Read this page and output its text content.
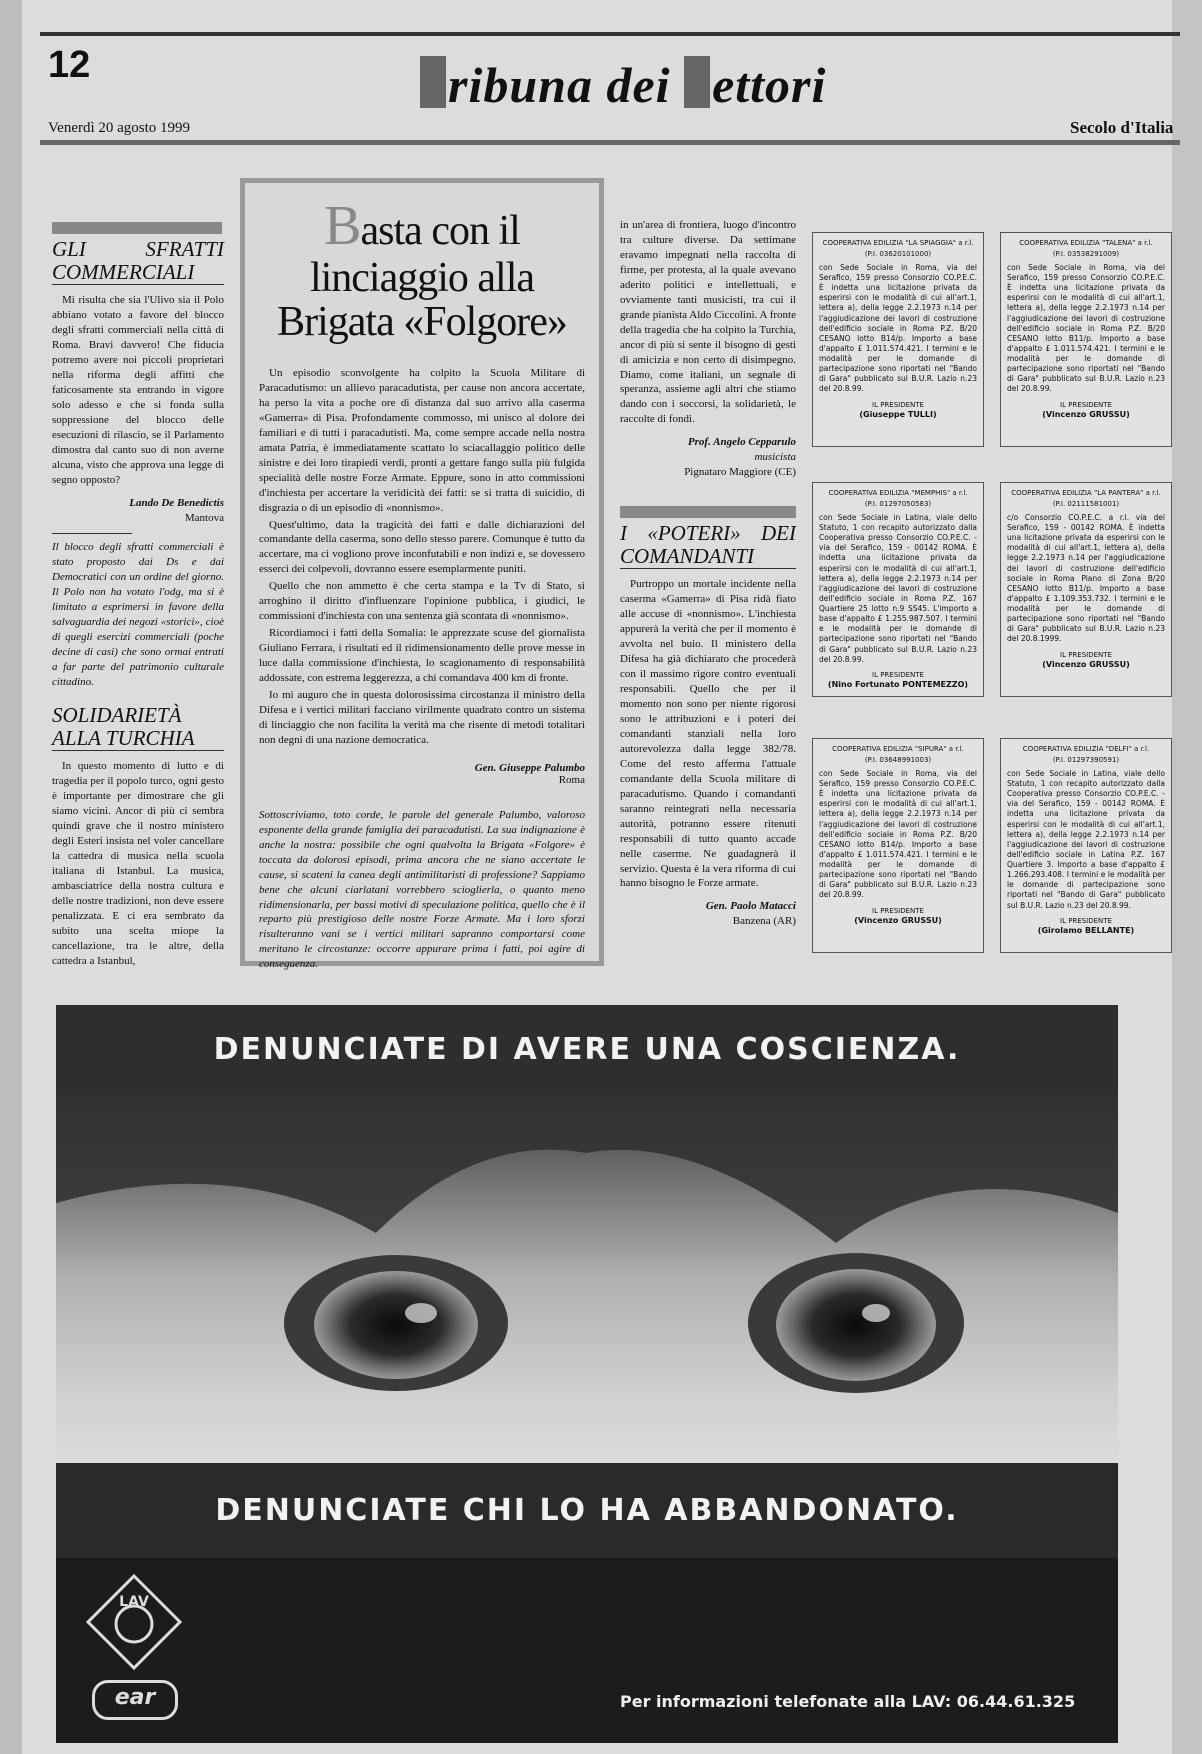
12	ribuna dei ettori
Venerdì 20 agosto 1999	Secolo d'Italia
GLI SFRATTI COMMERCIALI

Mi risulta che sia l'Ulivo sia il Polo abbiano votato a favore del blocco degli sfratti commerciali nella città di Roma. Bravi davvero! Che fiducia potremo avere noi piccoli proprietari nella riforma degli affitti che faticosamente sta entrando in vigore solo adesso e che si fonda sulla soppressione del blocco delle esecuzioni di rilascio, se il Parlamento dimostra dal canto suo di non averne alcuna, visto che approva una legge di segno opposto?

Lando De Benedictis
Mantova

Il blocco degli sfratti commerciali è stato proposto dai Ds e dai Democratici con un ordine del giorno. Il Polo non ha votato l'odg, ma si è limitato a esprimersi in favore della salvaguardia dei negozi «storici», cioè di quegli esercizi commerciali (poche decine di casi) che sono ormai entrati a far parte del patrimonio culturale cittadino.

SOLIDARIETÀ ALLA TURCHIA

In questo momento di lutto e di tragedia per il popolo turco, ogni gesto è importante per dimostrare che gli siamo vicini. Ancor di più ci sembra quindi grave che il nostro ministero degli Esteri insista nel voler cancellare la cattedra di musica nella scuola italiana di Istanbul. La musica, ambasciatrice della nostra cultura e delle nostre tradizioni, non deve essere penalizzata. E ci era sembrato da subito una scelta miope la cancellazione, tra le altre, della cattedra a Istanbul,

Basta con il linciaggio alla Brigata «Folgore»

Un episodio sconvolgente ha colpito la Scuola Militare di Paracadutismo: un allievo paracadutista, per cause non ancora accertate, ha perso la vita a poche ore di distanza dal suo arrivo alla caserma «Gamerra» di Pisa. Profondamente commosso, mi unisco al dolore dei familiari e di tutti i paracadutisti. Ma, come sempre accade nella nostra amata Patria, è immediatamente scattato lo sciacallaggio politico delle sinistre e dei loro tirapiedi verdi, pronti a gettare fango sulla più fulgida specialità delle nostre Forze Armate. Eppure, sono in atto commissioni d'inchiesta per accertare la veridicità dei fatti: se si tratta di suicidio, di disgrazia o di un episodio di «nonnismo».

Quest'ultimo, data la tragicità dei fatti e dalle dichiarazioni del comandante della caserma, sono dello stesso parere. Comunque è tutto da accertare, ma ci vogliono prove inconfutabili e non indizi e, se dovessero esserci dei colpevoli, dovranno essere esemplarmente puniti.

Quello che non ammetto è che certa stampa e la Tv di Stato, si arroghino il diritto d'influenzare l'opinione pubblica, i giudici, le commissioni d'inchiesta con una sentenza già scontata di «nonnismo».

Ricordiamoci i fatti della Somalia: le apprezzate scuse del giornalista Giuliano Ferrara, i risultati ed il ridimensionamento delle prove messe in luce dalla commissione d'inchiesta, lo scagionamento di responsabilità addossate, con estrema leggerezza, a chi comandava 400 km di fronte.

Io mi auguro che in questa dolorosissima circostanza il ministro della Difesa e i vertici militari facciano virilmente quadrato contro un sistema di linciaggio che non facilita la verità ma che risente di metodi totalitari non degni di una nazione democratica.

Gen. Giuseppe Palumbo
Roma
Sottoscriviamo, toto corde, le parole del generale Palumbo, valoroso esponente della grande famiglia dei paracadutisti. La sua indignazione è anche la nostra: possibile che ogni qualvolta la Brigata «Folgore» è toccata da dolorosi episodi, prima ancora che ne siano accertate le cause, si scateni la canea degli antimilitaristi di professione? Sappiamo bene che alcuni ciarlatani vorrebbero scioglierla, o quanto meno ridimensionarla, per bassi motivi di speculazione politica, quello che è il reparto più prestigioso delle nostre Forze Armate. Ma i loro sforzi risulteranno vani se i vertici militari sapranno comportarsi come meritano le circostanze: occorre appurare prima i fatti, poi agire di conseguenza.

in un'area di frontiera, luogo d'incontro tra culture diverse. Da settimane eravamo impegnati nella raccolta di firme, per protesta, al la quale avevano aderito politici e intellettuali, e ovviamente tanti musicisti, tra cui il grande pianista Aldo Ciccolini. A fronte della tragedia che ha colpito la Turchia, ancor di più si sente il bisogno di gesti di amicizia e non certo di disimpegno. Diamo, come italiani, un segnale di speranza, assieme agli altri che stiamo dando con i soccorsi, la solidarietà, le raccolte di fondi.

Prof. Angelo Cepparulo
musicista
Pignataro Maggiore (CE)
I «POTERI» DEI COMANDANTI

Purtroppo un mortale incidente nella caserma «Gamerra» di Pisa ridà fiato alle accuse di «nonnismo». L'inchiesta appurerà la verità che per il momento è avvolta nel buio. Il ministero della Difesa ha già dichiarato che procederà con il massimo rigore contro eventuali responsabili. Quello che per il momento non sono per niente rigorosi sono le attribuzioni e i poteri dei comandanti stanziali nella loro autorevolezza dalla legge 382/78. Come del resto afferma l'attuale comandante della Scuola militare di paracadutismo. Quando i comandanti saranno reintegrati nella necessaria autorità, potranno essere ritenuti responsabili di tutto quanto accade nelle caserme. Ne guadagnerà il servizio. Questa è la vera riforma di cui hanno bisogno le Forze armate.

Gen. Paolo Matacci
Banzena (AR)
COOPERATIVA EDILIZIA "LA SPIAGGIA" a r.l.
(P.I. 03620101000)
con Sede Sociale in Roma, via del Serafico, 159 presso Consorzio CO.P.E.C. È indetta una licitazione privata da esperirsi con le modalità di cui all'art.1, lettera a), della legge 2.2.1973 n.14 per l'aggiudicazione dei lavori di costruzione dell'edificio sociale in Roma P.Z. B/20 CESANO lotto B14/p. Importo a base d'appalto £ 1.011.574.421. I termini e le modalità per le domande di partecipazione sono riportati nel "Bando di Gara" pubblicato sul B.U.R. Lazio n.23 del 20.8.99.
IL PRESIDENTE
(Giuseppe TULLI)
COOPERATIVA EDILIZIA "TALENA" a r.l.
(P.I. 03538291009)
con Sede Sociale in Roma, via del Serafico, 159 presso Consorzio CO.P.E.C. È indetta una licitazione privata da esperirsi con le modalità di cui all'art.1, lettera a), della legge 2.2.1973 n.14 per l'aggiudicazione dei lavori di costruzione dell'edificio sociale in Roma P.Z. B/20 CESANO lotto B11/p. Importo a base d'appalto £ 1.011.574.421. I termini e le modalità per le domande di partecipazione sono riportati nel "Bando di Gara" pubblicato sul B.U.R. Lazio n.23 del 20.8.99.
IL PRESIDENTE
(Vincenzo GRUSSU)
COOPERATIVA EDILIZIA "MEMPHIS" a r.l.
(P.I. 01297050583)
con Sede Sociale in Latina, viale dello Statuto, 1 con recapito autorizzato dalla Cooperativa presso Consorzio CO.P.E.C. - via del Serafico, 159 - 00142 ROMA. È indetta una licitazione privata da esperirsi con le modalità di cui all'art.1, lettera a), della legge 2.2.1973 n.14 per l'aggiudicazione dei lavori di costruzione dell'edificio sociale in Roma P.Z. 167 Quartiere 25 lotto n.9 SS45. L'importo a base d'appalto £ 1.255.987.507. I termini e le modalità per le domande di partecipazione sono riportati nel "Bando di Gara" pubblicato sul B.U.R. Lazio n.23 del 20.8.99.
IL PRESIDENTE
(Nino Fortunato PONTEMEZZO)
COOPERATIVA EDILIZIA "LA PANTERA" a r.l.
(P.I. 02111581001)
c/o Consorzio CO.P.E.C. a r.l. via del Serafico, 159 - 00142 ROMA. È indetta una licitazione privata da esperirsi con le modalità di cui all'art.1, lettera a), della legge 2.2.1973 n.14 per l'aggiudicazione dei lavori di costruzione dell'edificio sociale in Roma Piano di Zona B/20 CESANO lotto B11/p. Importo a base d'appalto £ 1.109.353.732. I termini e le modalità per le domande di partecipazione sono riportati nel "Bando di Gara" pubblicato sul B.U.R. Lazio n.23 del 20.8.1999.
IL PRESIDENTE
(Vincenzo GRUSSU)
COOPERATIVA EDILIZIA "SIPURA" a r.l.
(P.I. 03648991003)
con Sede Sociale in Roma, via del Serafico, 159 presso Consorzio CO.P.E.C. È indetta una licitazione privata da esperirsi con le modalità di cui all'art.1, lettera a), della legge 2.2.1973 n.14 per l'aggiudicazione dei lavori di costruzione dell'edificio sociale in Roma P.Z. B/20 CESANO lotto B14/p. Importo a base d'appalto £ 1.011.574.421. I termini e le modalità per le domande di partecipazione sono riportati nel "Bando di Gara" pubblicato sul B.U.R. Lazio n.23 del 20.8.99.
IL PRESIDENTE
(Vincenzo GRUSSU)
COOPERATIVA EDILIZIA "DELFI" a r.l.
(P.I. 01297390591)
con Sede Sociale in Latina, viale dello Statuto, 1 con recapito autorizzato dalla Cooperativa presso Consorzio CO.P.E.C. - via del Serafico, 159 - 00142 ROMA. È indetta una licitazione privata da esperirsi con le modalità di cui all'art.1, lettera a), della legge 2.2.1973 n.14 per l'aggiudicazione dei lavori di costruzione dell'edificio sociale in Latina P.Z. 167 Quartiere 3. Importo a base d'appalto £ 1.266.293.408. I termini e le modalità per le domande di partecipazione sono riportati nel "Bando di Gara" pubblicato sul B.U.R. Lazio n.23 del 20.8.99.
IL PRESIDENTE
(Girolamo BELLANTE)
DENUNCIATE DI AVERE UNA COSCIENZA.
DENUNCIATE CHI LO HA ABBANDONATO.
LAV
ear	Per informazioni telefonate alla LAV: 06.44.61.325
